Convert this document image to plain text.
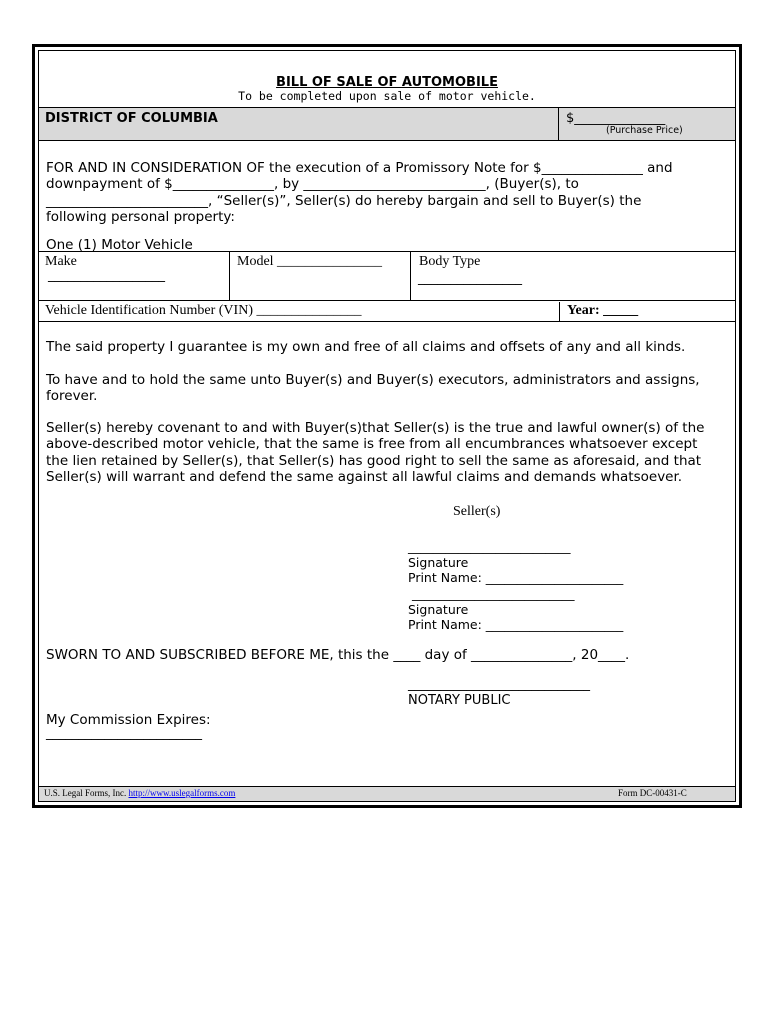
BILL OF SALE OF AUTOMOBILE
To be completed upon sale of motor vehicle.
DISTRICT OF COLUMBIA	$______________
(Purchase Price)
FOR AND IN CONSIDERATION OF the execution of a Promissory Note for $_______________ and
downpayment of $_______________, by ___________________________, (Buyer(s), to
________________________, “Seller(s)”, Seller(s) do hereby bargain and sell to Buyer(s) the
following personal property:
One (1) Motor Vehicle
Make
__________________
Model _______________	Body Type
________________
Vehicle Identification Number (VIN) _______________	Year: _____
The said property I guarantee is my own and free of all claims and offsets of any and all kinds.
To have and to hold the same unto Buyer(s) and Buyer(s) executors, administrators and assigns,
forever.
Seller(s) hereby covenant to and with Buyer(s)that Seller(s) is the true and lawful owner(s) of the
above-described motor vehicle, that the same is free from all encumbrances whatsoever except
the lien retained by Seller(s), that Seller(s) has good right to sell the same as aforesaid, and that
Seller(s) will warrant and defend the same against all lawful claims and demands whatsoever.
Seller(s)
__________________________
Signature
Print Name: ______________________
__________________________
Signature
Print Name: ______________________
SWORN TO AND SUBSCRIBED BEFORE ME, this the ____ day of _______________, 20____.
____________________________
NOTARY PUBLIC
My Commission Expires:
________________________
U.S. Legal Forms, Inc. http://www.uslegalforms.com	Form DC-00431-C
